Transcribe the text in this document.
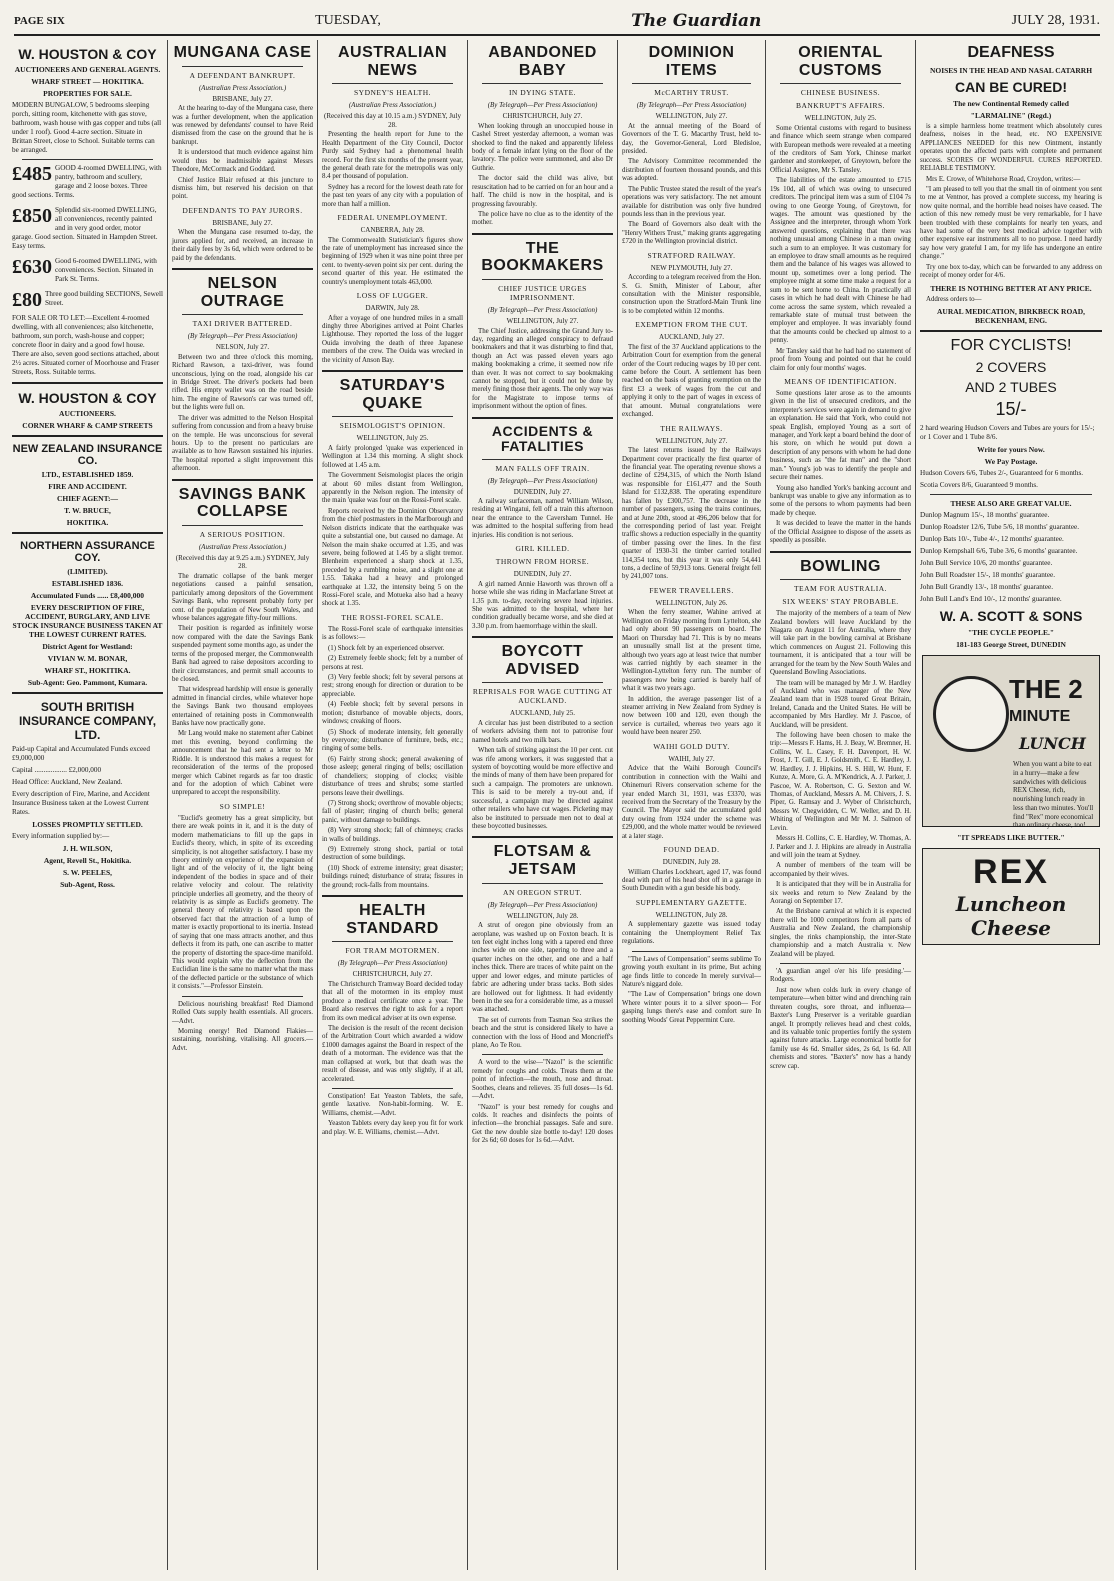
PAGE SIX	TUESDAY,	The Guardian	JULY 28, 1931.
W. HOUSTON & COY
AUCTIONEERS AND GENERAL AGENTS.
WHARF STREET — HOKITIKA.
PROPERTIES FOR SALE.
MODERN BUNGALOW, 5 bedrooms sleeping porch, sitting room, kitchenette with gas stove, bathroom, wash house with gas copper and tubs (all under 1 roof). Good 4-acre section. Situate in Brittan Street, close to School. Suitable terms can be arranged.
£485 GOOD 4-roomed DWELLING, with pantry, bathroom and scullery, garage and 2 loose boxes. Three good sections. Terms.
£850 Splendid six-roomed DWELLING, all conveniences, recently painted and in very good order, motor garage. Good section. Situated in Hampden Street. Easy terms.
£630 Good 6-roomed DWELLING, with conveniences. Section. Situated in Park St. Terms.
£80 Three good building SECTIONS, Sewell Street.
FOR SALE OR TO LET:—Excellent 4-roomed dwelling, with all conveniences; also kitchenette, bathroom, sun porch, wash-house and copper; concrete floor in dairy and a good fowl house. There are also, seven good sections attached, about 2½ acres. Situated corner of Moorhouse and Fraser Streets, Ross. Suitable terms.
W. HOUSTON & COY
AUCTIONEERS.
CORNER WHARF & CAMP STREETS
NEW ZEALAND INSURANCE CO.
LTD., ESTABLISHED 1859.
FIRE AND ACCIDENT.
CHIEF AGENT:—
T. W. BRUCE,
HOKITIKA.
NORTHERN ASSURANCE COY.
(LIMITED).
ESTABLISHED 1836.
Accumulated Funds ...... £8,400,000
EVERY DESCRIPTION OF FIRE, ACCIDENT, BURGLARY, AND LIVE STOCK INSURANCE BUSINESS TAKEN AT THE LOWEST CURRENT RATES.
District Agent for Westland:
VIVIAN W. M. BONAR,
WHARF ST., HOKITIKA.
Sub-Agent: Geo. Pammont, Kumara.
SOUTH BRITISH INSURANCE COMPANY, LTD.
Paid-up Capital and Accumulated Funds exceed £9,000,000
Capital .................. £2,000,000
Head Office: Auckland, New Zealand.
Every description of Fire, Marine, and Accident Insurance Business taken at the Lowest Current Rates.
LOSSES PROMPTLY SETTLED.
Every information supplied by:—
J. H. WILSON,
Agent, Revell St., Hokitika.
S. W. PEELES,
Sub-Agent, Ross.
MUNGANA CASE
A DEFENDANT BANKRUPT.
(Australian Press Association.)

BRISBANE, July 27.

At the hearing to-day of the Mungana case, there was a further development, when the application was renewed by defendants' counsel to have Reid dismissed from the case on the ground that he is bankrupt.

It is understood that much evidence against him would thus be inadmissible against Messrs Theodore, McCormack and Goddard.

Chief Justice Blair refused at this juncture to dismiss him, but reserved his decision on that point.

DEFENDANTS TO PAY JURORS.

BRISBANE, July 27.

When the Mungana case resumed to-day, the jurors applied for, and received, an increase in their daily fees by 3s 6d, which were ordered to be paid by the defendants.

NELSON OUTRAGE
TAXI DRIVER BATTERED.
(By Telegraph—Per Press Association)

NELSON, July 27.

Between two and three o'clock this morning, Richard Rawson, a taxi-driver, was found unconscious, lying on the road, alongside his car in Bridge Street. The driver's pockets had been rifled. His empty wallet was on the road beside him. The engine of Rawson's car was turned off, but the lights were full on.

The driver was admitted to the Nelson Hospital suffering from concussion and from a heavy bruise on the temple. He was unconscious for several hours. Up to the present no particulars are available as to how Rawson sustained his injuries. The hospital reported a slight improvement this afternoon.

SAVINGS BANK COLLAPSE
A SERIOUS POSITION.
(Australian Press Association.)

(Received this day at 9.25 a.m.) SYDNEY, July 28.

The dramatic collapse of the bank merger negotiations caused a painful sensation, particularly among depositors of the Government Savings Bank, who represent probably forty per cent. of the population of New South Wales, and whose balances aggregate fifty-four millions.

Their position is regarded as infinitely worse now compared with the date the Savings Bank suspended payment some months ago, as under the terms of the proposed merger, the Commonwealth Bank had agreed to raise depositors according to their circumstances, and permit small accounts to be closed.

That widespread hardship will ensue is generally admitted in financial circles, while whatever hope the Savings Bank two thousand employees entertained of retaining posts in Commonwealth Banks have now practically gone.

Mr Lang would make no statement after Cabinet met this evening, beyond confirming the announcement that he had sent a letter to Mr Riddle. It is understood this makes a request for reconsideration of the terms of the proposed merger which Cabinet regards as far too drastic and for the adoption of which Cabinet were unprepared to accept the responsibility.

SO SIMPLE!

"Euclid's geometry has a great simplicity, but there are weak points in it, and it is the duty of modern mathematicians to fill up the gaps in Euclid's theory, which, in spite of its exceeding simplicity, is not altogether satisfactory. I base my theory entirely on experience of the expansion of light and of the velocity of it, the light being independent of the bodies in space and of their relative velocity and colour. The relativity principle underlies all geometry, and the theory of relativity is as simple as Euclid's geometry. The general theory of relativity is based upon the observed fact that the attraction of a lump of matter is exactly proportional to its inertia. Instead of saying that one mass attracts another, and thus deflects it from its path, one can ascribe to matter the property of distorting the space-time manifold. This would explain why the deflection from the Euclidian line is the same no matter what the mass of the deflected particle or the substance of which it consists."—Professor Einstein.

Delicious nourishing breakfast! Red Diamond Rolled Oats supply health essentials. All grocers.—Advt.

Morning energy! Red Diamond Flakies—sustaining, nourishing, vitalising. All grocers.—Advt.

AUSTRALIAN NEWS
SYDNEY'S HEALTH.
(Australian Press Association.)

(Received this day at 10.15 a.m.) SYDNEY, July 28.

Presenting the health report for June to the Health Department of the City Council, Doctor Purdy said Sydney had a phenomenal health record. For the first six months of the present year, the general death rate for the metropolis was only 8.4 per thousand of population.

Sydney has a record for the lowest death rate for the past ten years of any city with a population of more than half a million.

FEDERAL UNEMPLOYMENT.

CANBERRA, July 28.

The Commonwealth Statistician's figures show the rate of unemployment has increased since the beginning of 1929 when it was nine point three per cent. to twenty-seven point six per cent. during the second quarter of this year. He estimated the country's unemployment totals 463,000.

LOSS OF LUGGER.

DARWIN, July 28.

After a voyage of one hundred miles in a small dinghy three Aborigines arrived at Point Charles Lighthouse. They reported the loss of the lugger Ouida involving the death of three Japanese members of the crew. The Ouida was wrecked in the vicinity of Anson Bay.

SATURDAY'S QUAKE
SEISMOLOGIST'S OPINION.

WELLINGTON, July 25.

A fairly prolonged 'quake was experienced in Wellington at 1.34 this morning. A slight shock followed at 1.45 a.m.

The Government Seismologist places the origin at about 60 miles distant from Wellington, apparently in the Nelson region. The intensity of the main 'quake was four on the Rossi-Forel scale.

Reports received by the Dominion Observatory from the chief postmasters in the Marlborough and Nelson districts indicate that the earthquake was quite a substantial one, but caused no damage. At Nelson the main shake occurred at 1.35, and was severe, being followed at 1.45 by a slight tremor. Blenheim experienced a sharp shock at 1.35, preceded by a rumbling noise, and a slight one at 1.55. Takaka had a heavy and prolonged earthquake at 1.32, the intensity being 5 on the Rossi-Forel scale, and Motueka also had a heavy shock at 1.35.

THE ROSSI-FOREL SCALE.

The Rossi-Forel scale of earthquake intensities is as follows:—

(1) Shock felt by an experienced observer.

(2) Extremely feeble shock; felt by a number of persons at rest.

(3) Very feeble shock; felt by several persons at rest; strong enough for direction or duration to be appreciable.

(4) Feeble shock; felt by several persons in motion; disturbance of movable objects, doors, windows; creaking of floors.

(5) Shock of moderate intensity, felt generally by everyone; disturbance of furniture, beds, etc.; ringing of some bells.

(6) Fairly strong shock; general awakening of those asleep; general ringing of bells; oscillation of chandeliers; stopping of clocks; visible disturbance of trees and shrubs; some startled persons leave their dwellings.

(7) Strong shock; overthrow of movable objects; fall of plaster; ringing of church bells; general panic, without damage to buildings.

(8) Very strong shock; fall of chimneys; cracks in walls of buildings.

(9) Extremely strong shock, partial or total destruction of some buildings.

(10) Shock of extreme intensity; great disaster; buildings ruined; disturbance of strata; fissures in the ground; rock-falls from mountains.

HEALTH STANDARD
FOR TRAM MOTORMEN.
(By Telegraph—Per Press Association)

CHRISTCHURCH, July 27.

The Christchurch Tramway Board decided today that all of the motormen in its employ must produce a medical certificate once a year. The Board also reserves the right to ask for a report from its own medical adviser at its own expense.

The decision is the result of the recent decision of the Arbitration Court which awarded a widow £1000 damages against the Board in respect of the death of a motorman. The evidence was that the man collapsed at work, but that death was the result of disease, and was only slightly, if at all, accelerated.

Constipation! Eat Yeaston Tablets, the safe, gentle laxative. Non-habit-forming. W. E. Williams, chemist.—Advt.

Yeaston Tablets every day keep you fit for work and play. W. E. Williams, chemist.—Advt.

ABANDONED BABY
IN DYING STATE.
(By Telegraph—Per Press Association)

CHRISTCHURCH, July 27.

When looking through an unoccupied house in Cashel Street yesterday afternoon, a woman was shocked to find the naked and apparently lifeless body of a female infant lying on the floor of the lavatory. The police were summoned, and also Dr Guthrie.

The doctor said the child was alive, but resuscitation had to be carried on for an hour and a half. The child is now in the hospital, and is progressing favourably.

The police have no clue as to the identity of the mother.

THE BOOKMAKERS
CHIEF JUSTICE URGES IMPRISONMENT.
(By Telegraph—Per Press Association)

WELLINGTON, July 27.

The Chief Justice, addressing the Grand Jury to-day, regarding an alleged conspiracy to defraud bookmakers and that it was disturbing to find that, though an Act was passed eleven years ago making bookmaking a crime, it seemed now rife than ever. It was not correct to say bookmaking cannot be stopped, but it could not be done by merely fining those their agents. The only way was for the Magistrate to impose terms of imprisonment without the option of fines.

ACCIDENTS & FATALITIES
MAN FALLS OFF TRAIN.
(By Telegraph—Per Press Association)

DUNEDIN, July 27.

A railway surfaceman, named William Wilson, residing at Wingatui, fell off a train this afternoon near the entrance to the Caversham Tunnel. He was admitted to the hospital suffering from head injuries. His condition is not serious.

GIRL KILLED.
THROWN FROM HORSE.

DUNEDIN, July 27.

A girl named Annie Haworth was thrown off a horse while she was riding in Macfarlane Street at 1.35 p.m. to-day, receiving severe head injuries. She was admitted to the hospital, where her condition gradually became worse, and she died at 3.30 p.m. from haemorrhage within the skull.

BOYCOTT ADVISED
REPRISALS FOR WAGE CUTTING AT AUCKLAND.

AUCKLAND, July 25.

A circular has just been distributed to a section of workers advising them not to patronise four named hotels and two milk bars.

When talk of striking against the 10 per cent. cut was rife among workers, it was suggested that a system of boycotting would be more effective and the minds of many of them have been prepared for such a campaign. The promoters are unknown. This is said to be merely a try-out and, if successful, a campaign may be directed against other retailers who have cut wages. Picketing may also be instituted to persuade men not to deal at these boycotted businesses.

FLOTSAM & JETSAM
AN OREGON STRUT.
(By Telegraph—Per Press Association)

WELLINGTON, July 28.

A strut of oregon pine obviously from an aeroplane, was washed up on Foxton beach. It is ten feet eight inches long with a tapered end three inches wide on one side, tapering to three and a quarter inches on the other, and one and a half inches thick. There are traces of white paint on the upper and lower edges, and minute particles of fabric are adhering under brass tacks. Both sides are hollowed out for lightness. It had evidently been in the sea for a considerable time, as a mussel was attached.

The set of currents from Tasman Sea strikes the beach and the strut is considered likely to have a connection with the loss of Hood and Moncrieff's plane, Ao Te Rou.

A word to the wise—"Nazol" is the scientific remedy for coughs and colds. Treats them at the point of infection—the mouth, nose and throat. Soothes, cleans and relieves. 35 full doses—1s 6d.—Advt.

"Nazol" is your best remedy for coughs and colds. It reaches and disinfects the points of infection—the bronchial passages. Safe and sure. Get the new double size bottle to-day! 120 doses for 2s 6d; 60 doses for 1s 6d.—Advt.

DOMINION ITEMS
McCARTHY TRUST.
(By Telegraph—Per Press Association)

WELLINGTON, July 27.

At the annual meeting of the Board of Governors of the T. G. Macarthy Trust, held to-day, the Governor-General, Lord Bledisloe, presided.

The Advisory Committee recommended the distribution of fourteen thousand pounds, and this was adopted.

The Public Trustee stated the result of the year's operations was very satisfactory. The net amount available for distribution was only five hundred pounds less than in the previous year.

The Board of Governors also dealt with the "Henry Withers Trust," making grants aggregating £720 in the Wellington provincial district.

STRATFORD RAILWAY.

NEW PLYMOUTH, July 27.

According to a telegram received from the Hon. S. G. Smith, Minister of Labour, after consultation with the Minister responsible, construction upon the Stratford-Main Trunk line is to be completed within 12 months.

EXEMPTION FROM THE CUT.

AUCKLAND, July 27.

The first of the 37 Auckland applications to the Arbitration Court for exemption from the general order of the Court reducing wages by 10 per cent. came before the Court. A settlement has been reached on the basis of granting exemption on the first £3 a week of wages from the cut and applying it only to the part of wages in excess of that amount. Mutual congratulations were exchanged.

THE RAILWAYS.

WELLINGTON, July 27.

The latest returns issued by the Railways Department cover practically the first quarter of the financial year. The operating revenue shows a decline of £294,315, of which the North Island was responsible for £161,477 and the South Island for £132,838. The operating expenditure has fallen by £300,757. The decrease in the number of passengers, using the trains continues, and at June 20th, stood at 496,206 below that for the corresponding period of last year. Freight traffic shows a reduction especially in the quantity of timber passing over the lines. In the first quarter of 1930-31 the timber carried totalled 114,354 tons, but this year it was only 54,441 tons, a decline of 59,913 tons. General freight fell by 241,007 tons.

FEWER TRAVELLERS.

WELLINGTON, July 26.

When the ferry steamer, Wahine arrived at Wellington on Friday morning from Lyttelton, she had only about 90 passengers on board. The Maori on Thursday had 71. This is by no means an unusually small list at the present time, although two years ago at least twice that number was carried nightly by each steamer in the Wellington-Lyttelton ferry run. The number of passengers now being carried is barely half of what it was two years ago.

In addition, the average passenger list of a steamer arriving in New Zealand from Sydney is now between 100 and 120, even though the service is curtailed, whereas two years ago it would have been nearer 250.

WAIHI GOLD DUTY.

WAIHI, July 27.

Advice that the Waihi Borough Council's contribution in connection with the Waihi and Ohinemuri Rivers conservation scheme for the year ended March 31, 1931, was £3370, was received from the Secretary of the Treasury by the Council. The Mayor said the accumulated gold duty owing from 1924 under the scheme was £29,000, and the whole matter would be reviewed at a later stage.

FOUND DEAD.

DUNEDIN, July 28.

William Charles Lockheart, aged 17, was found dead with part of his head shot off in a garage in South Dunedin with a gun beside his body.

SUPPLEMENTARY GAZETTE.

WELLINGTON, July 28.

A supplementary gazette was issued today containing the Unemployment Relief Tax regulations.

"The Laws of Compensation" seems sublime To growing youth exultant in its prime, But aching age finds little to concede In merely survival—Nature's niggard dole.

"The Law of Compensation" brings one down Where winter pours it to a silver spoon— For gasping lungs there's ease and comfort sure In soothing Woods' Great Peppermint Cure.

ORIENTAL CUSTOMS
CHINESE BUSINESS.
BANKRUPT'S AFFAIRS.

WELLINGTON, July 25.

Some Oriental customs with regard to business and finance which seem strange when compared with European methods were revealed at a meeting of the creditors of Sam York, Chinese market gardener and storekeeper, of Greytown, before the Official Assignee, Mr S. Tansley.

The liabilities of the estate amounted to £715 19s 10d, all of which was owing to unsecured creditors. The principal item was a sum of £104 7s owing to one George Young, of Greytown, for wages. The amount was questioned by the Assignee and the interpreter, through whom York answered questions, explaining that there was nothing unusual among Chinese in a man owing such a sum to an employee. It was customary for an employee to draw small amounts as he required them and the balance of his wages was allowed to mount up, sometimes over a long period. The employee might at some time make a request for a sum to be sent home to China. In practically all cases in which he had dealt with Chinese he had come across the same system, which revealed a remarkable state of mutual trust between the employer and employee. It was invariably found that the amounts could be checked up almost to a penny.

Mr Tansley said that he had had no statement of proof from Young and pointed out that he could claim for only four months' wages.

MEANS OF IDENTIFICATION.

Some questions later arose as to the amounts given in the list of unsecured creditors, and the interpreter's services were again in demand to give an explanation. He said that York, who could not speak English, employed Young as a sort of manager, and York kept a board behind the door of his store, on which he would put down a description of any persons with whom he had done business, such as "the fat man" and the "short man." Young's job was to identify the people and secure their names.

Young also handled York's banking account and bankrupt was unable to give any information as to some of the persons to whom payments had been made by cheque.

It was decided to leave the matter in the hands of the Official Assignee to dispose of the assets as speedily as possible.

BOWLING
TEAM FOR AUSTRALIA.
SIX WEEKS' STAY PROBABLE.

The majority of the members of a team of New Zealand bowlers will leave Auckland by the Niagara on August 11 for Australia, where they will take part in the bowling carnival at Brisbane which commences on August 21. Following this tournament, it is anticipated that a tour will be arranged for the team by the New South Wales and Queensland Bowling Associations.

The team will be managed by Mr J. W. Hardley of Auckland who was manager of the New Zealand team that in 1928 toured Great Britain, Ireland, Canada and the United States. He will be accompanied by Mrs Hardley. Mr J. Pascoe, of Auckland, will be president.

The following have been chosen to make the trip:—Messrs F. Hams, H. J. Beay, W. Bremner, H. Collins, W. L. Casey, F. H. Davenport, H. W. Frost, J. T. Gill, E. J. Goldsmith, C. E. Hardley, J. W. Hardley, J. J. Hipkins, H. S. Hill, W. Hunt, F. Kunze, A. More, G. A. M'Kendrick, A. J. Parker, J. Pascoe, W. A. Robertson, C. G. Sexton and W. Thomas, of Auckland, Messrs A. M. Chivers, J. S. Piper, G. Ramsay and J. Wyber of Christchurch, Messrs W. Chegwidden, C. W. Weller, and D. H. Whiting of Wellington and Mr M. J. Salmon of Levin.

Messrs H. Collins, C. E. Hardley, W. Thomas, A. J. Parker and J. J. Hipkins are already in Australia and will join the team at Sydney.

A number of members of the team will be accompanied by their wives.

It is anticipated that they will be in Australia for six weeks and return to New Zealand by the Aorangi on September 17.

At the Brisbane carnival at which it is expected there will be 1000 competitors from all parts of Australia and New Zealand, the championship singles, the rinks championship, the inter-State championship and a match Australia v. New Zealand will be played.

'A guardian angel o'er his life presiding.'—Rodgers.

Just now when colds lurk in every change of temperature—when bitter wind and drenching rain threaten coughs, sore throat, and influenza—Baxter's Lung Preserver is a veritable guardian angel. It promptly relieves head and chest colds, and its valuable tonic properties fortify the system against future attacks. Large economical bottle for family use 4s 6d. Smaller sides, 2s 6d, 1s 6d. All chemists and stores. "Baxter's" now has a handy screw cap.

DEAFNESS
NOISES IN THE HEAD AND NASAL CATARRH
CAN BE CURED!
The new Continental Remedy called
"LARMALINE" (Regd.)

is a simple harmless home treatment which absolutely cures deafness, noises in the head, etc. NO EXPENSIVE APPLIANCES NEEDED for this new Ointment, instantly operates upon the affected parts with complete and permanent success. SCORES OF WONDERFUL CURES REPORTED. RELIABLE TESTIMONY.

Mrs E. Crowe, of Whitehorse Road, Croydon, writes:—

"I am pleased to tell you that the small tin of ointment you sent to me at Ventnor, has proved a complete success, my hearing is now quite normal, and the horrible head noises have ceased. The action of this new remedy must be very remarkable, for I have been troubled with these complaints for nearly ten years, and have had some of the very best medical advice together with other expensive ear instruments all to no purpose. I need hardly say how very grateful I am, for my life has undergone an entire change."

Try one box to-day, which can be forwarded to any address on receipt of money order for 4/6.

THERE IS NOTHING BETTER AT ANY PRICE.

Address orders to—

AURAL MEDICATION, BIRKBECK ROAD, BECKENHAM, ENG.
FOR CYCLISTS!
2 COVERS
AND 2 TUBES
15/-
2 hard wearing Hudson Covers and Tubes are yours for 15/-; or 1 Cover and 1 Tube 8/6.
Write for yours Now.
We Pay Postage.
Hudson Covers 6/6, Tubes 2/-, Guaranteed for 6 months.
Scotia Covers 8/6, Guaranteed 9 months.
THESE ALSO ARE GREAT VALUE.
Dunlop Magnum 15/-, 18 months' guarantee.
Dunlop Roadster 12/6, Tube 5/6, 18 months' guarantee.
Dunlop Bats 10/-, Tube 4/-, 12 months' guarantee.
Dunlop Kempshall 6/6, Tube 3/6, 6 months' guarantee.
John Bull Service 10/6, 20 months' guarantee.
John Bull Roadster 15/-, 18 months' guarantee.
John Bull Grandly 13/-, 18 months' guarantee.
John Bull Land's End 10/-, 12 months' guarantee.
W. A. SCOTT & SONS
"THE CYCLE PEOPLE."
181-183 George Street, DUNEDIN
THE 2
MINUTE
LUNCH
When you want a bite to eat in a hurry—make a few sandwiches with delicious REX Cheese, rich, nourishing lunch ready in less than two minutes. You'll find "Rex" more economical than ordinary cheese, too!
"IT SPREADS LIKE BUTTER."
REX
Luncheon Cheese
